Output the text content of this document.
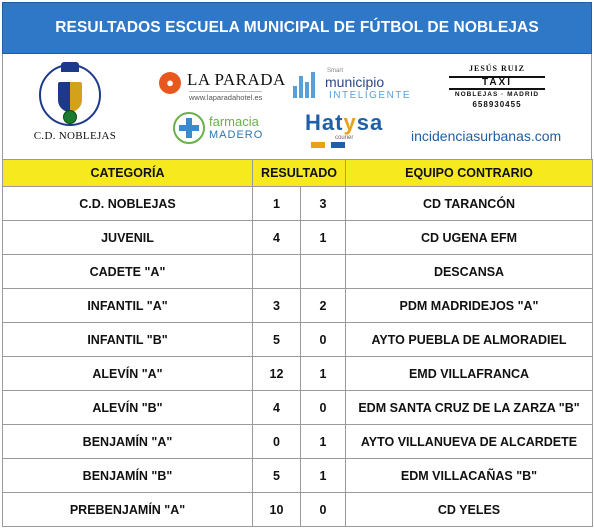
RESULTADOS ESCUELA MUNICIPAL DE FÚTBOL DE NOBLEJAS
C.D. NOBLEJAS
● LA PARADA
www.laparadahotel.es
farmacia
MADERO
Smart
municipio
INTELIGENTE
Hatysa
courier
JESÚS RUIZ
TAXI
NOBLEJAS · MADRID
658930455
incidenciasurbanas.com
CATEGORÍA	RESULTADO		EQUIPO CONTRARIO
C.D. NOBLEJAS	1	3	CD TARANCÓN
JUVENIL	4	1	CD UGENA EFM
CADETE "A"			DESCANSA
INFANTIL "A"	3	2	PDM MADRIDEJOS "A"
INFANTIL "B"	5	0	AYTO PUEBLA DE ALMORADIEL
ALEVÍN "A"	12	1	EMD VILLAFRANCA
ALEVÍN "B"	4	0	EDM SANTA CRUZ DE LA ZARZA "B"
BENJAMÍN "A"	0	1	AYTO VILLANUEVA DE ALCARDETE
BENJAMÍN "B"	5	1	EDM VILLACAÑAS "B"
PREBENJAMÍN "A"	10	0	CD YELES
